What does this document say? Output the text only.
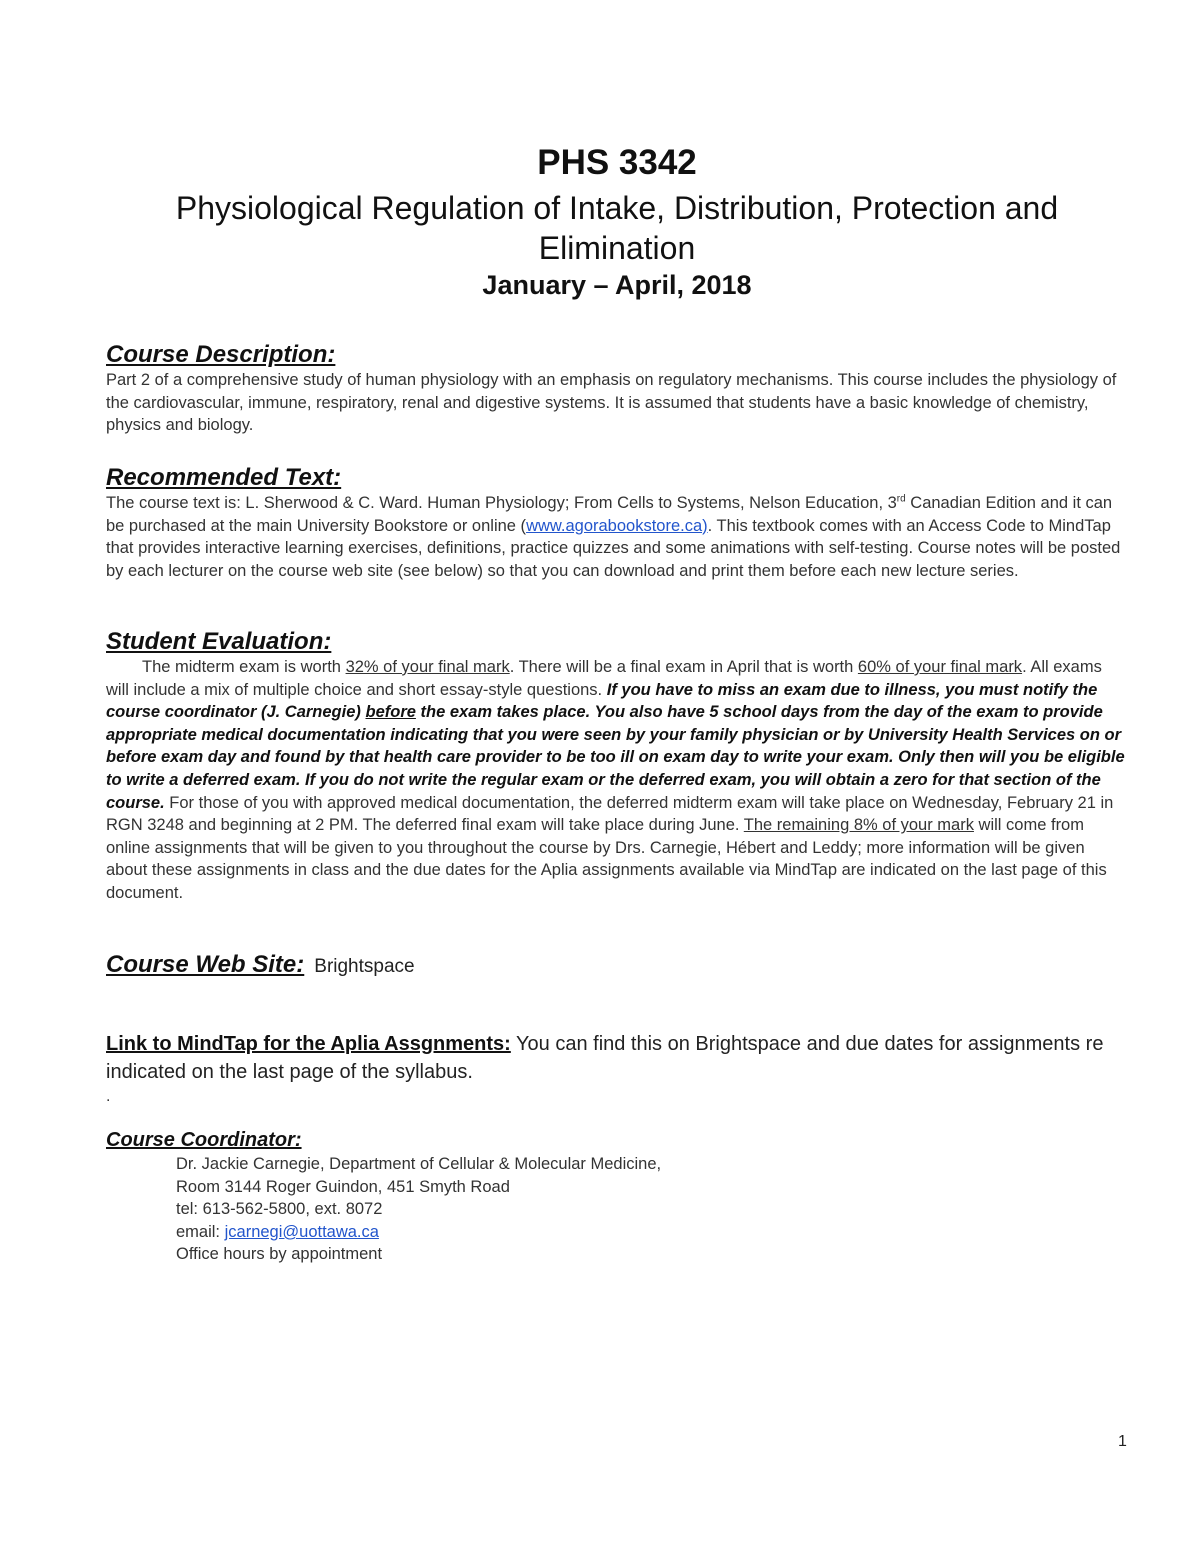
PHS 3342
Physiological Regulation of Intake, Distribution, Protection and Elimination
January – April, 2018
Course Description:

Part 2 of a comprehensive study of human physiology with an emphasis on regulatory mechanisms. This course includes the physiology of the cardiovascular, immune, respiratory, renal and digestive systems. It is assumed that students have a basic knowledge of chemistry, physics and biology.

Recommended Text:

The course text is: L. Sherwood & C. Ward. Human Physiology; From Cells to Systems, Nelson Education, 3rd Canadian Edition and it can be purchased at the main University Bookstore or online (www.agorabookstore.ca). This textbook comes with an Access Code to MindTap that provides interactive learning exercises, definitions, practice quizzes and some animations with self-testing. Course notes will be posted by each lecturer on the course web site (see below) so that you can download and print them before each new lecture series.

Student Evaluation:

The midterm exam is worth 32% of your final mark. There will be a final exam in April that is worth 60% of your final mark. All exams will include a mix of multiple choice and short essay-style questions. If you have to miss an exam due to illness, you must notify the course coordinator (J. Carnegie) before the exam takes place. You also have 5 school days from the day of the exam to provide appropriate medical documentation indicating that you were seen by your family physician or by University Health Services on or before exam day and found by that health care provider to be too ill on exam day to write your exam. Only then will you be eligible to write a deferred exam. If you do not write the regular exam or the deferred exam, you will obtain a zero for that section of the course. For those of you with approved medical documentation, the deferred midterm exam will take place on Wednesday, February 21 in RGN 3248 and beginning at 2 PM. The deferred final exam will take place during June. The remaining 8% of your mark will come from online assignments that will be given to you throughout the course by Drs. Carnegie, Hébert and Leddy; more information will be given about these assignments in class and the due dates for the Aplia assignments available via MindTap are indicated on the last page of this document.

Course Web Site: Brightspace
Link to MindTap for the Aplia Assgnments: You can find this on Brightspace and due dates for assignments re indicated on the last page of the syllabus.
.
Course Coordinator:
Dr. Jackie Carnegie, Department of Cellular & Molecular Medicine,
Room 3144 Roger Guindon, 451 Smyth Road
tel: 613-562-5800, ext. 8072
email: jcarnegi@uottawa.ca
Office hours by appointment
1
